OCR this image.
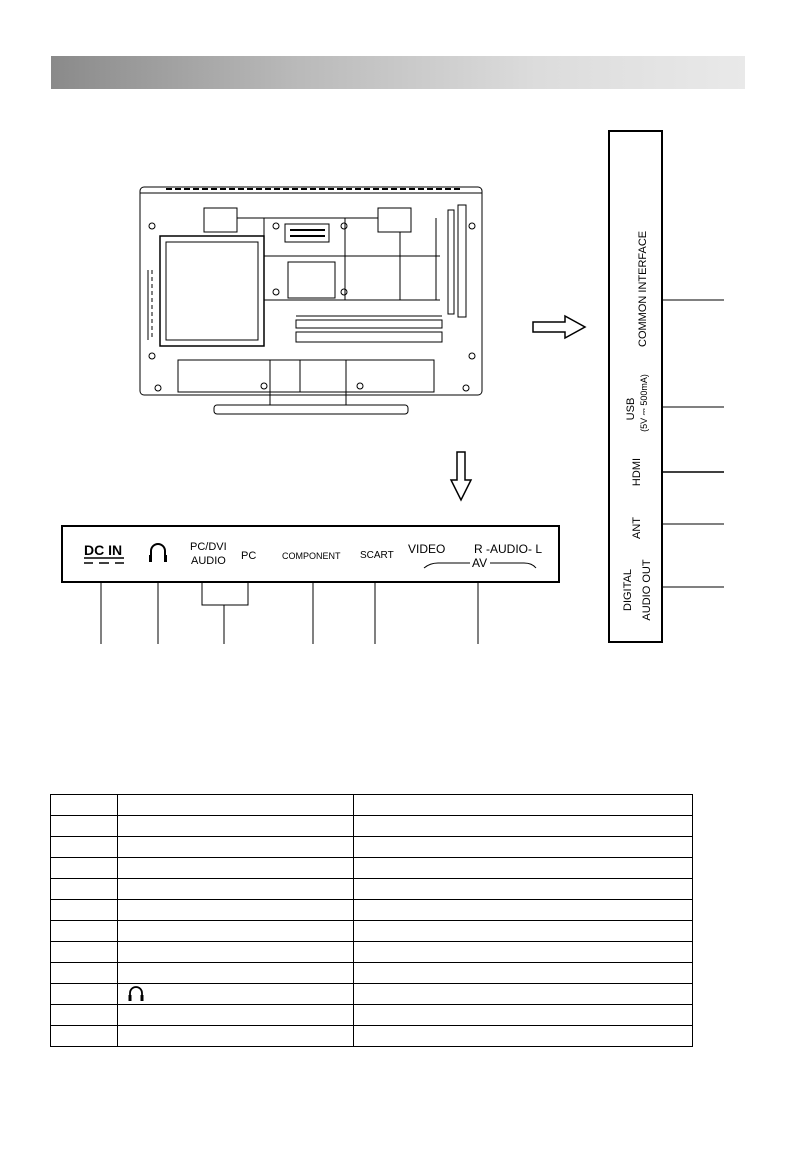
COMMON INTERFACE
USB (5V ⎓ 500mA)
HDMI
ANT
DIGITAL AUDIO OUT
DC IN	PC/DVI
AUDIO PC	COMPONENT SCART VIDEO R -AUDIO- L
AV
